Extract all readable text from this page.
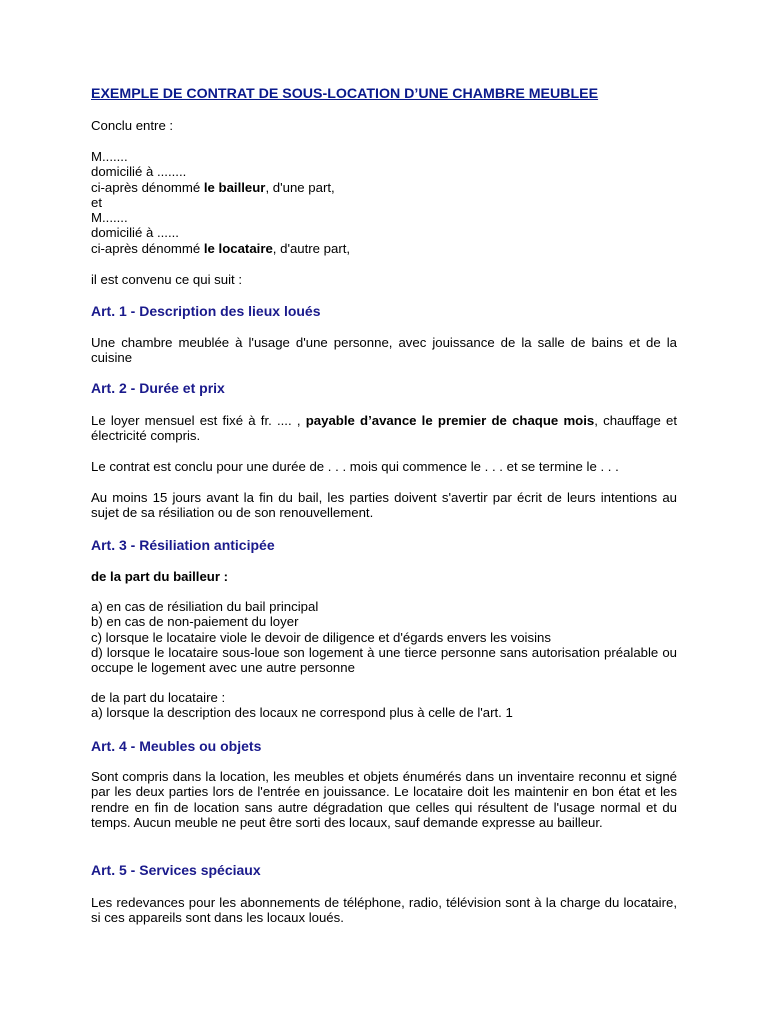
EXEMPLE DE CONTRAT DE SOUS-LOCATION D’UNE CHAMBRE MEUBLEE
Conclu entre :
M.......
domicilié à ........
ci-après dénommé le bailleur, d'une part,
et
M.......
domicilié à ......
ci-après dénommé le locataire, d'autre part,
il est convenu ce qui suit :
Art. 1 - Description des lieux loués
Une chambre meublée à l'usage d'une personne, avec jouissance de la salle de bains et de la cuisine
Art. 2 - Durée et prix
Le loyer mensuel est fixé à fr. .... , payable d’avance le premier de chaque mois, chauffage et électricité compris.
Le contrat est conclu pour une durée de . . . mois qui commence le . . . et se termine le . . .
Au moins 15 jours avant la fin du bail, les parties doivent s'avertir par écrit de leurs intentions au sujet de sa résiliation ou de son renouvellement.
Art. 3 - Résiliation anticipée
de la part du bailleur :
a) en cas de résiliation du bail principal
b) en cas de non-paiement du loyer
c) lorsque le locataire viole le devoir de diligence et d'égards envers les voisins
d) lorsque le locataire sous-loue son logement à une tierce personne sans autorisation préalable ou occupe le logement avec une autre personne
de la part du locataire :
a) lorsque la description des locaux ne correspond plus à celle de l'art. 1
Art. 4 - Meubles ou objets
Sont compris dans la location, les meubles et objets énumérés dans un inventaire reconnu et signé par les deux parties lors de l'entrée en jouissance. Le locataire doit les maintenir en bon état et les rendre en fin de location sans autre dégradation que celles qui résultent de l'usage normal et du temps. Aucun meuble ne peut être sorti des locaux, sauf demande expresse au bailleur.
Art. 5 - Services spéciaux
Les redevances pour les abonnements de téléphone, radio, télévision sont à la charge du locataire, si ces appareils sont dans les locaux loués.
